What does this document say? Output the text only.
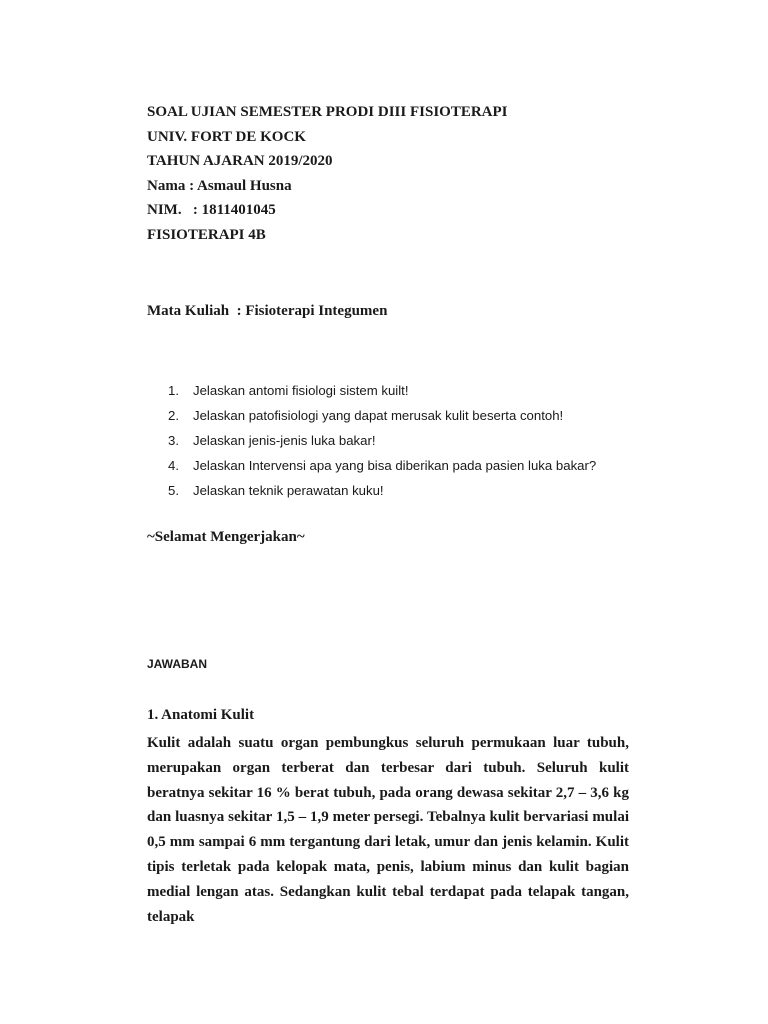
SOAL UJIAN SEMESTER PRODI DIII FISIOTERAPI
UNIV. FORT DE KOCK
TAHUN AJARAN 2019/2020
Nama : Asmaul Husna
NIM.   : 1811401045
FISIOTERAPI 4B
Mata Kuliah  : Fisioterapi Integumen
1.	Jelaskan antomi fisiologi sistem kuilt!
2.	Jelaskan patofisiologi yang dapat merusak kulit beserta contoh!
3.	Jelaskan jenis-jenis luka bakar!
4.	Jelaskan Intervensi apa yang bisa diberikan pada pasien luka bakar?
5.	Jelaskan teknik perawatan kuku!
~Selamat Mengerjakan~
JAWABAN
1. Anatomi Kulit
Kulit adalah suatu organ pembungkus seluruh permukaan luar tubuh, merupakan organ terberat dan terbesar dari tubuh. Seluruh kulit beratnya sekitar 16 % berat tubuh, pada orang dewasa sekitar 2,7 – 3,6 kg dan luasnya sekitar 1,5 – 1,9 meter persegi. Tebalnya kulit bervariasi mulai 0,5 mm sampai 6 mm tergantung dari letak, umur dan jenis kelamin. Kulit tipis terletak pada kelopak mata, penis, labium minus dan kulit bagian medial lengan atas. Sedangkan kulit tebal terdapat pada telapak tangan, telapak
